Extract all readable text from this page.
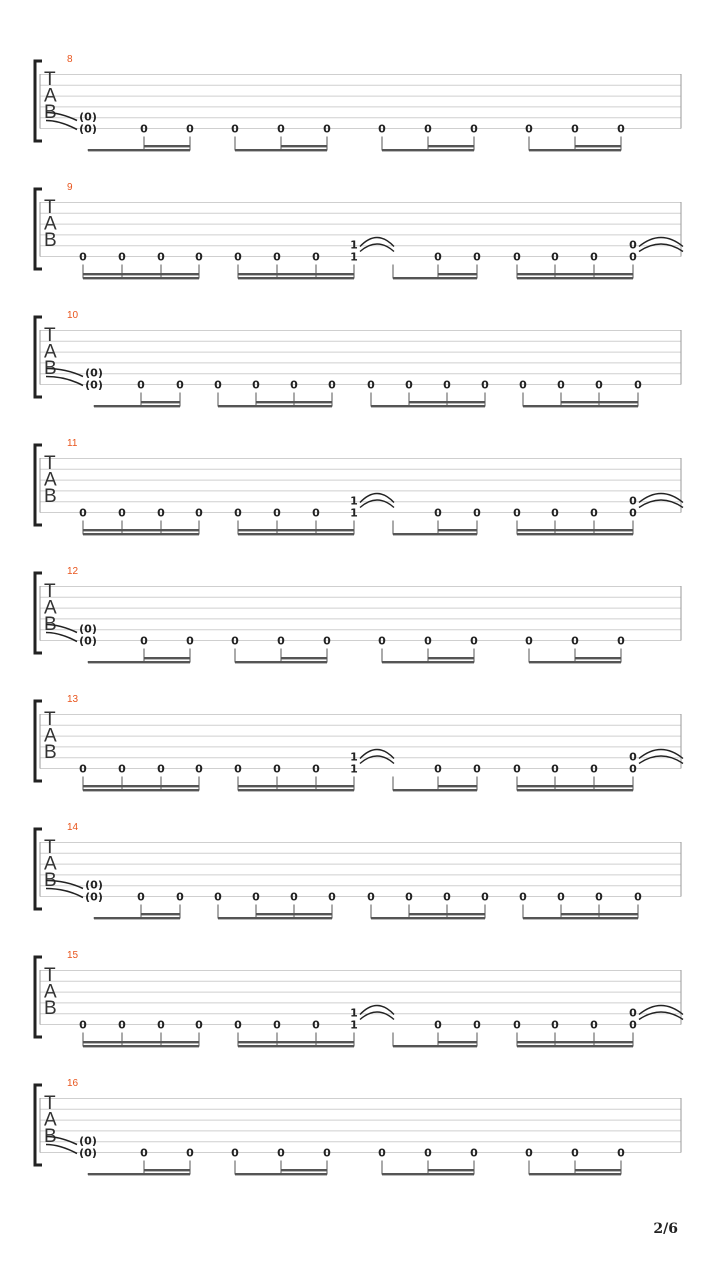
8
T
A
B (0)
(0)	0	0	0	0	0	0	0	0	0	0	0
9
T
A
B
0	0	0	0	0	0	0
1
1	0	0	0	0	0
0
0
10
T
A
B	(0)
(0)	0	0	0	0	0	0	0	0	0	0	0	0	0	0
11
T
A
B
0	0	0	0	0	0	0
1
1	0	0	0	0	0
0
0
12
T
A
B (0)
(0)	0	0	0	0	0	0	0	0	0	0	0
13
T
A
B
0	0	0	0	0	0	0
1
1	0	0	0	0	0
0
0
14
T
A
B	(0)
(0)	0	0	0	0	0	0	0	0	0	0	0	0	0	0
15
T
A
B
0	0	0	0	0	0	0
1
1	0	0	0	0	0
0
0
16
T
A
B (0)
(0)	0	0	0	0	0	0	0	0	0	0	0
2/6
